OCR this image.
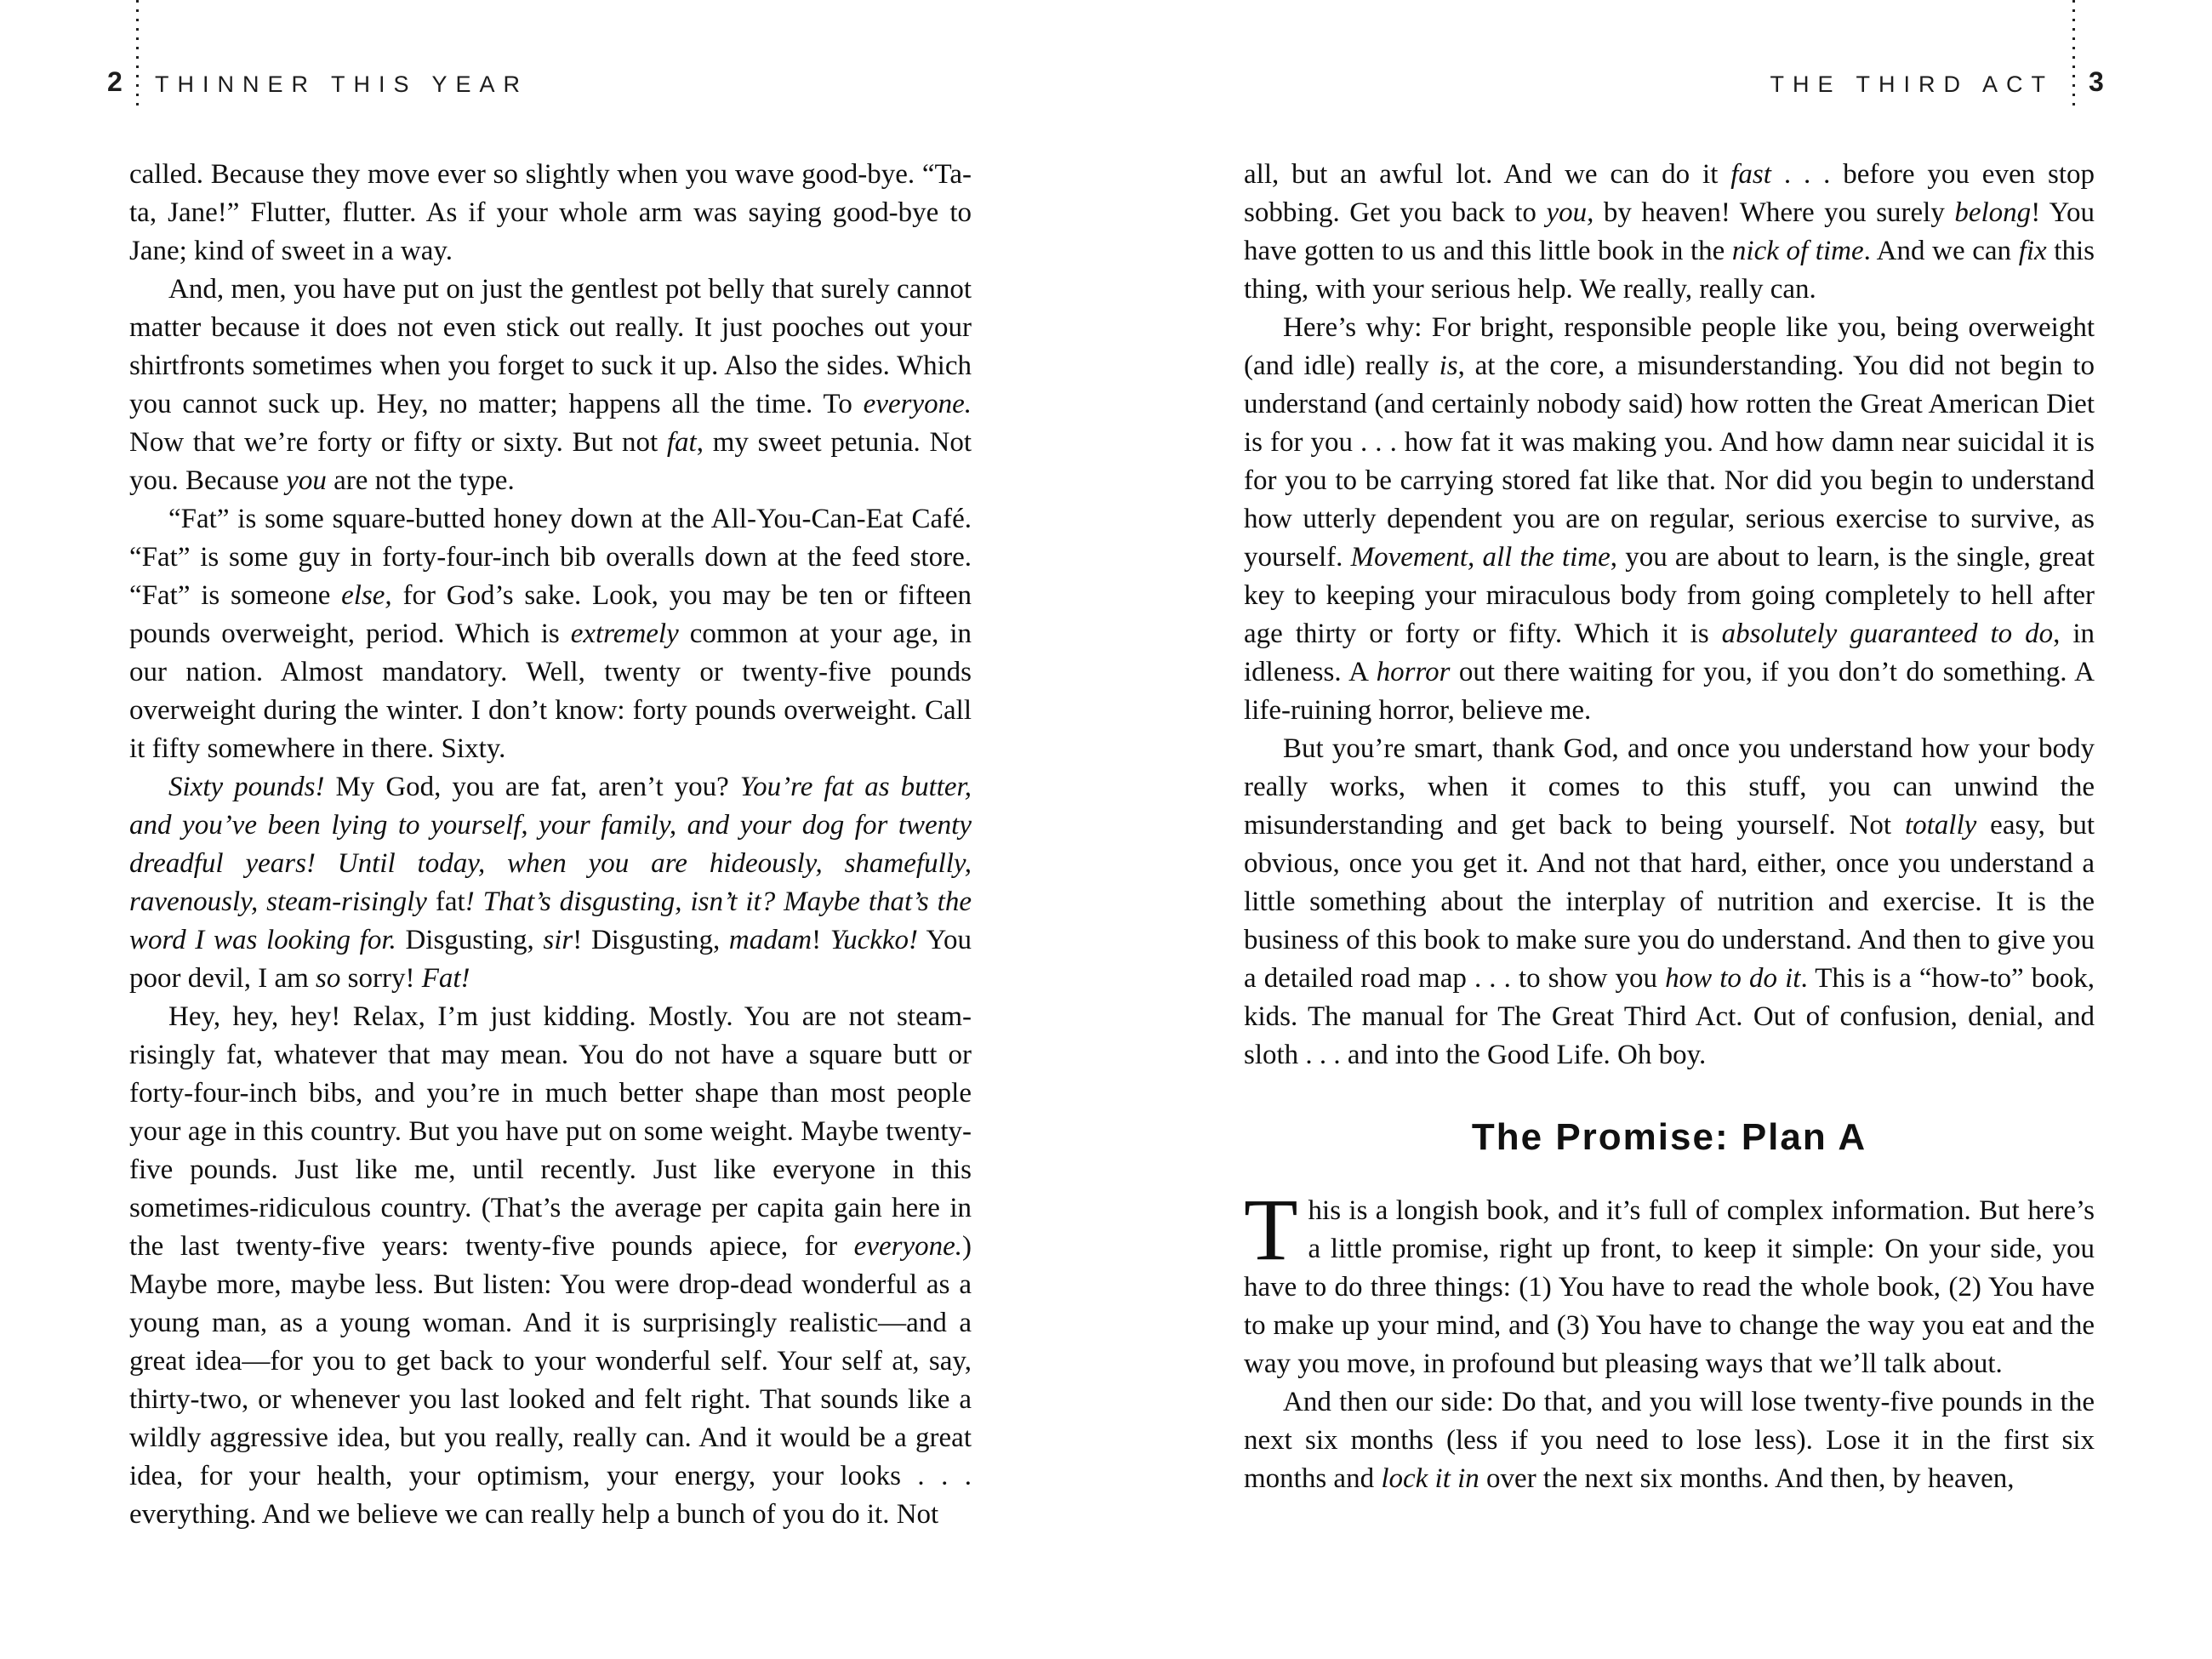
2 THINNER THIS YEAR	THE THIRD ACT 3

called. Because they move ever so slightly when you wave good-bye. “Ta-ta, Jane!” Flutter, flutter. As if your whole arm was saying good-bye to Jane; kind of sweet in a way.

And, men, you have put on just the gentlest pot belly that surely cannot matter because it does not even stick out really. It just pooches out your shirtfronts sometimes when you forget to suck it up. Also the sides. Which you cannot suck up. Hey, no matter; happens all the time. To everyone. Now that we’re forty or fifty or sixty. But not fat, my sweet petunia. Not you. Because you are not the type.

“Fat” is some square-butted honey down at the All-You-Can-Eat Café. “Fat” is some guy in forty-four-inch bib overalls down at the feed store. “Fat” is someone else, for God’s sake. Look, you may be ten or fifteen pounds overweight, period. Which is extremely common at your age, in our nation. Almost mandatory. Well, twenty or twenty-five pounds overweight during the winter. I don’t know: forty pounds overweight. Call it fifty somewhere in there. Sixty.

Sixty pounds! My God, you are fat, aren’t you? You’re fat as butter, and you’ve been lying to yourself, your family, and your dog for twenty dreadful years! Until today, when you are hideously, shamefully, ravenously, steam-risingly fat! That’s disgusting, isn’t it? Maybe that’s the word I was looking for. Disgusting, sir! Disgusting, madam! Yuckko! You poor devil, I am so sorry! Fat!

Hey, hey, hey! Relax, I’m just kidding. Mostly. You are not steam-risingly fat, whatever that may mean. You do not have a square butt or forty-four-inch bibs, and you’re in much better shape than most people your age in this country. But you have put on some weight. Maybe twenty-five pounds. Just like me, until recently. Just like everyone in this sometimes-ridiculous country. (That’s the average per capita gain here in the last twenty-five years: twenty-five pounds apiece, for everyone.) Maybe more, maybe less. But listen: You were drop-dead wonderful as a young man, as a young woman. And it is surprisingly realistic—and a great idea—for you to get back to your wonderful self. Your self at, say, thirty-two, or whenever you last looked and felt right. That sounds like a wildly aggressive idea, but you really, really can. And it would be a great idea, for your health, your optimism, your energy, your looks . . . everything. And we believe we can really help a bunch of you do it. Not

all, but an awful lot. And we can do it fast . . . before you even stop sobbing. Get you back to you, by heaven! Where you surely belong! You have gotten to us and this little book in the nick of time. And we can fix this thing, with your serious help. We really, really can.

Here’s why: For bright, responsible people like you, being overweight (and idle) really is, at the core, a misunderstanding. You did not begin to understand (and certainly nobody said) how rotten the Great American Diet is for you . . . how fat it was making you. And how damn near suicidal it is for you to be carrying stored fat like that. Nor did you begin to understand how utterly dependent you are on regular, serious exercise to survive, as yourself. Movement, all the time, you are about to learn, is the single, great key to keeping your miraculous body from going completely to hell after age thirty or forty or fifty. Which it is absolutely guaranteed to do, in idleness. A horror out there waiting for you, if you don’t do something. A life-ruining horror, believe me.

But you’re smart, thank God, and once you understand how your body really works, when it comes to this stuff, you can unwind the misunderstanding and get back to being yourself. Not totally easy, but obvious, once you get it. And not that hard, either, once you understand a little something about the interplay of nutrition and exercise. It is the business of this book to make sure you do understand. And then to give you a detailed road map . . . to show you how to do it. This is a “how-to” book, kids. The manual for The Great Third Act. Out of confusion, denial, and sloth . . . and into the Good Life. Oh boy.

The Promise: Plan A

This is a longish book, and it’s full of complex information. But here’s a little promise, right up front, to keep it simple: On your side, you have to do three things: (1) You have to read the whole book, (2) You have to make up your mind, and (3) You have to change the way you eat and the way you move, in profound but pleasing ways that we’ll talk about.

And then our side: Do that, and you will lose twenty-five pounds in the next six months (less if you need to lose less). Lose it in the first six months and lock it in over the next six months. And then, by heaven,
